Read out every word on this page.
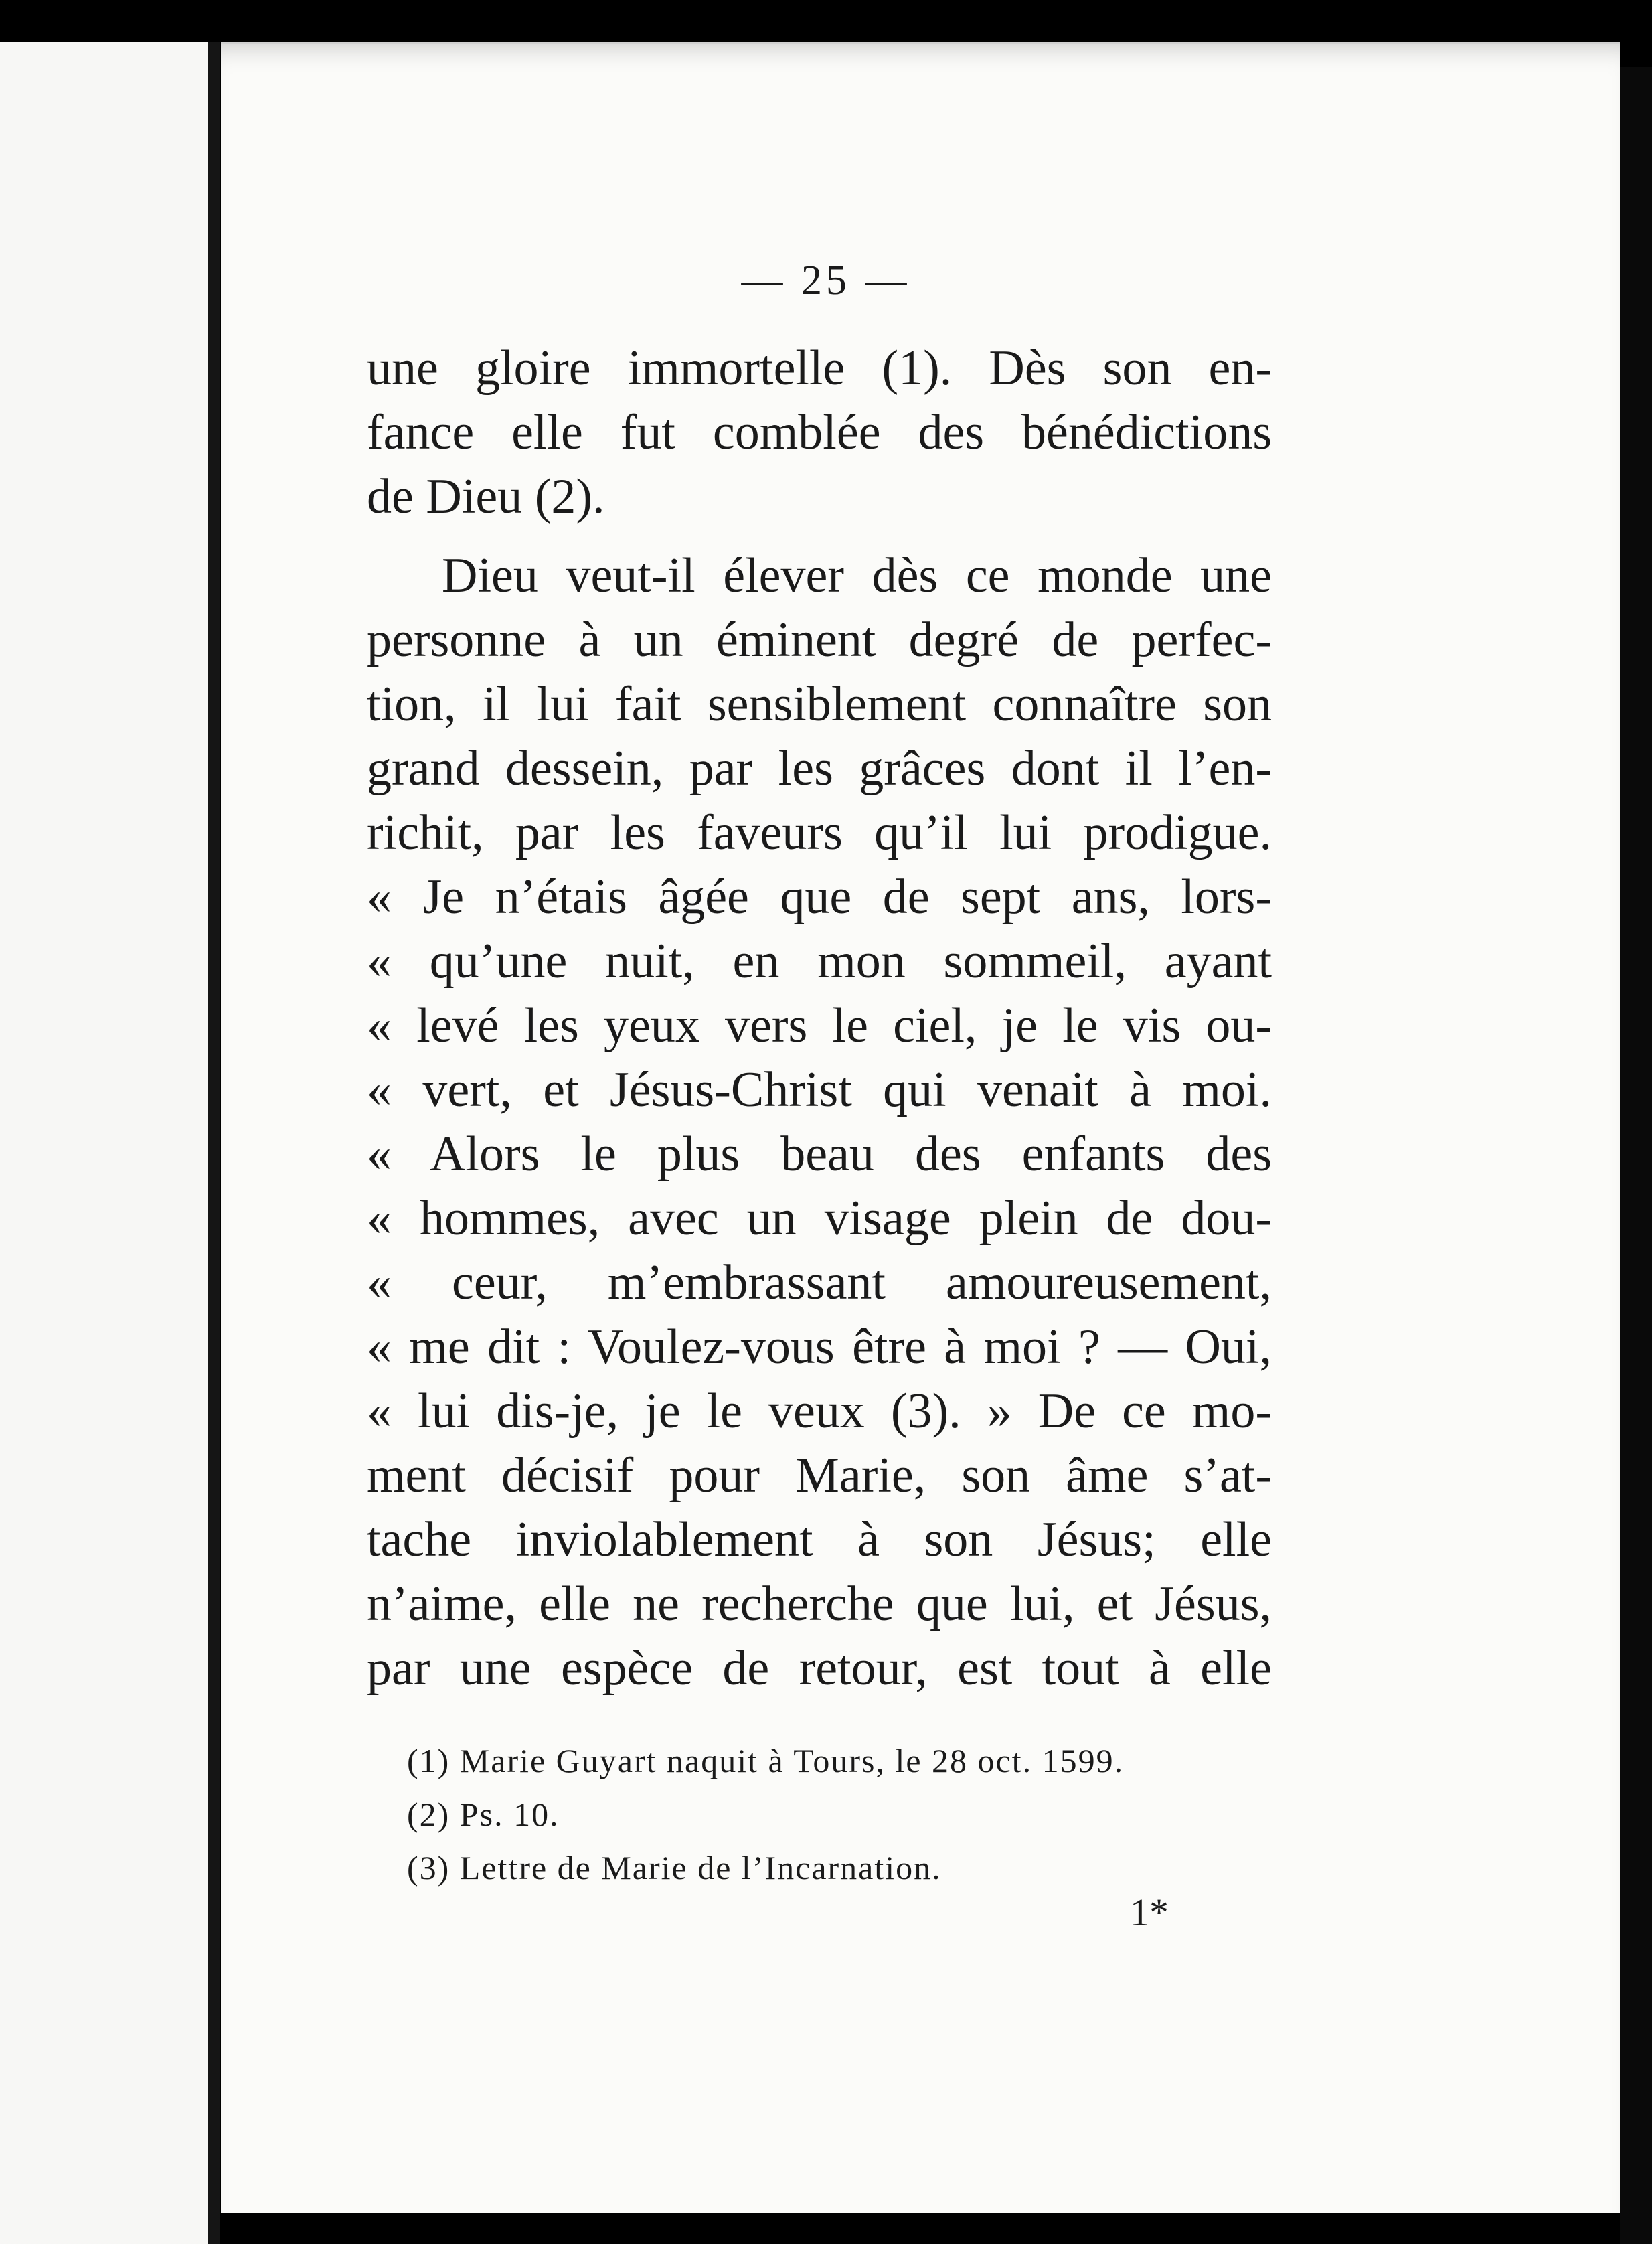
— 25 —
une gloire immortelle (1). Dès son en-
fance elle fut comblée des bénédictions
de Dieu (2).
Dieu veut-il élever dès ce monde une
personne à un éminent degré de perfec-
tion, il lui fait sensiblement connaître son
grand dessein, par les grâces dont il l’en-
richit, par les faveurs qu’il lui prodigue.
« Je n’étais âgée que de sept ans, lors-
« qu’une nuit, en mon sommeil, ayant
« levé les yeux vers le ciel, je le vis ou-
« vert, et Jésus-Christ qui venait à moi.
« Alors le plus beau des enfants des
« hommes, avec un visage plein de dou-
« ceur, m’embrassant amoureusement,
« me dit : Voulez-vous être à moi ? — Oui,
« lui dis-je, je le veux (3). » De ce mo-
ment décisif pour Marie, son âme s’at-
tache inviolablement à son Jésus; elle
n’aime, elle ne recherche que lui, et Jésus,
par une espèce de retour, est tout à elle
(1) Marie Guyart naquit à Tours, le 28 oct. 1599.
(2) Ps. 10.
(3) Lettre de Marie de l’Incarnation.
1*
